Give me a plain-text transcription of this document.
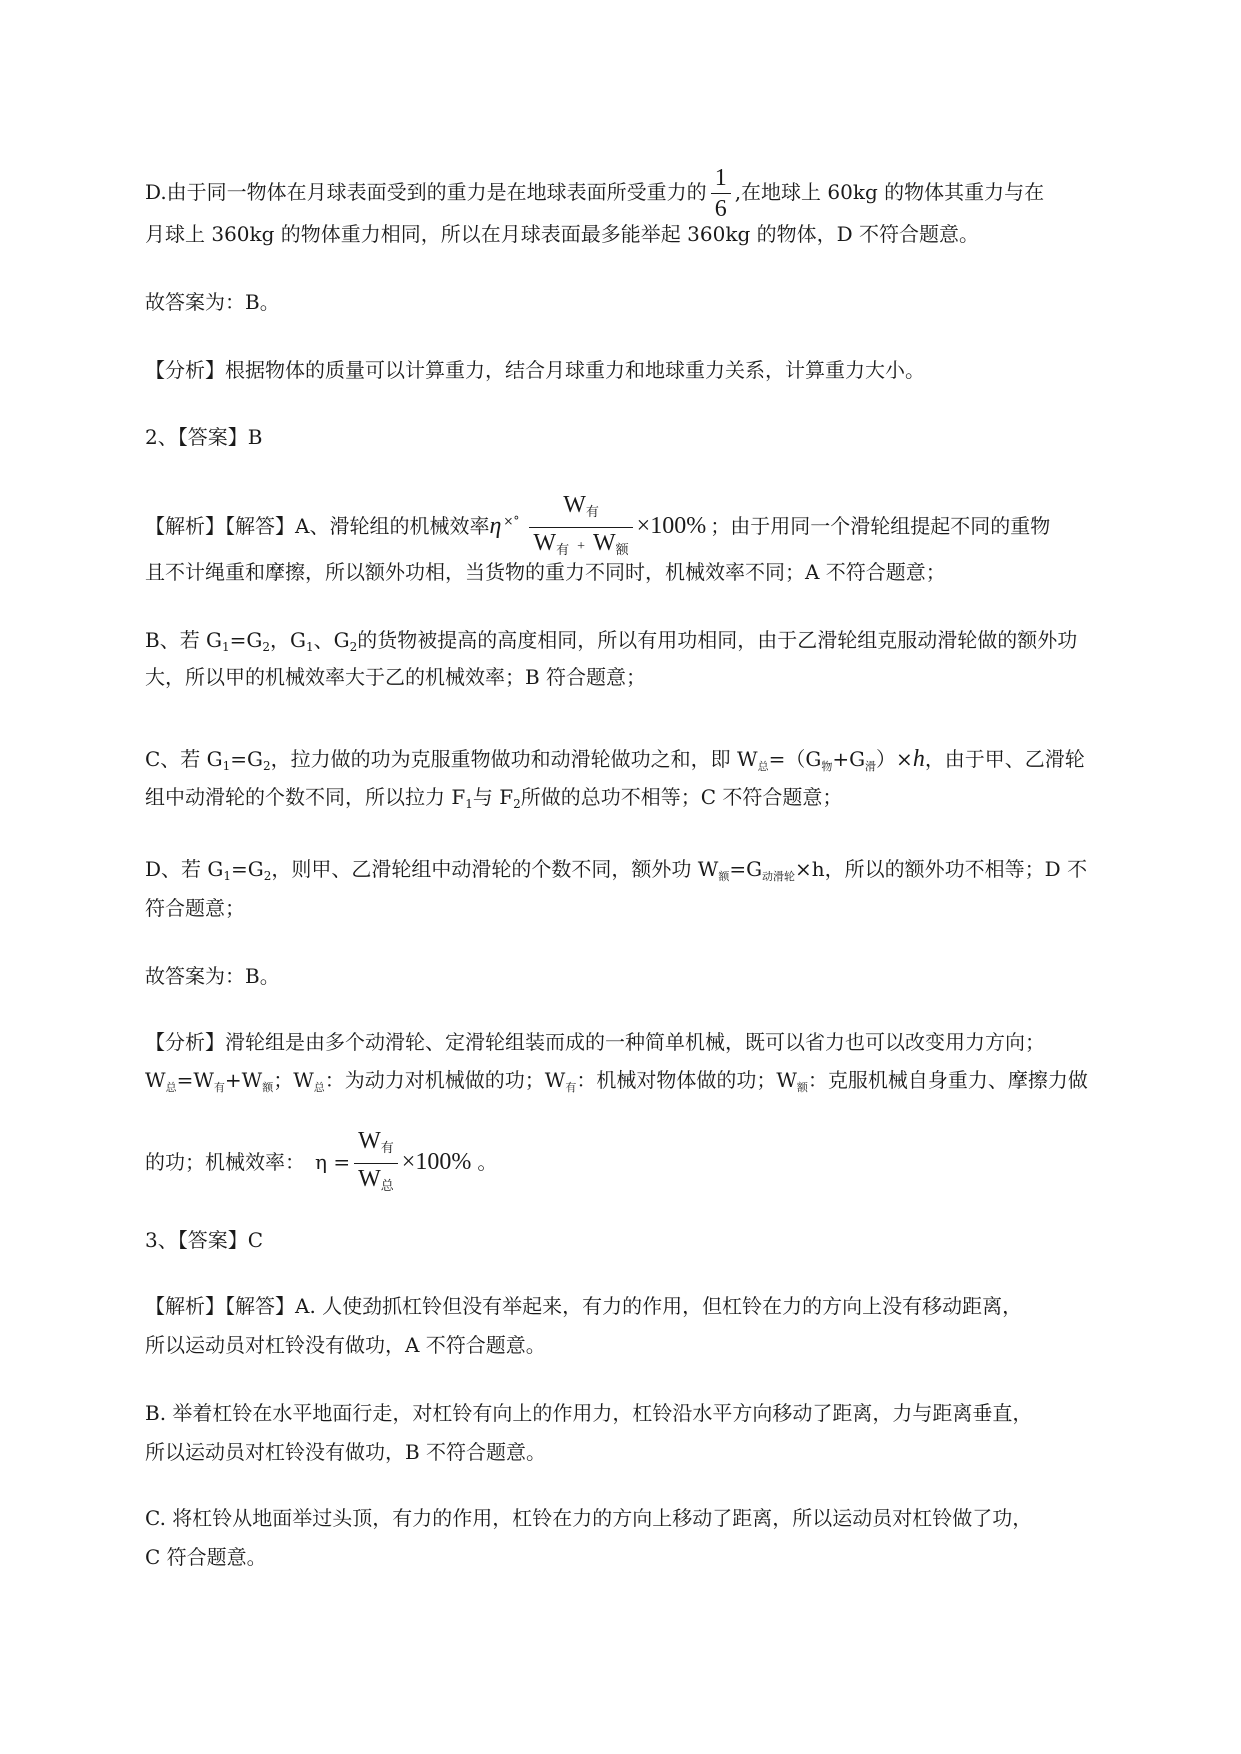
D.由于同一物体在月球表面受到的重力是在地球表面所受重力的 $\frac{1}{6}$ ,在地球上 60kg 的物体其重力与在
月球上 360kg 的物体重力相同，所以在月球表面最多能举起 360kg 的物体，D 不符合题意。
故答案为：B。
【分析】根据物体的质量可以计算重力，结合月球重力和地球重力关系，计算重力大小。
2、【答案】B
【解析】【解答】A、滑轮组的机械效率η $^{\times^\circ} \frac{\text{W有}}{\text{W有 + W额}} \times 100\%$ ；由于用同一个滑轮组提起不同的重物
且不计绳重和摩擦，所以额外功相，当货物的重力不同时，机械效率不同；A 不符合题意；
B、若 $G_1=G_2$，$G_1$、$G_2$的货物被提高的高度相同，所以有用功相同，由于乙滑轮组克服动滑轮做的额外功
大，所以甲的机械效率大于乙的机械效率；B 符合题意；
C、若 $G_1=G_2$，拉力做的功为克服重物做功和动滑轮做功之和，即 $W_总=(G_物+G_滑)\times h$，由于甲、乙滑轮
组中动滑轮的个数不同，所以拉力 $F_1$与 $F_2$所做的总功不相等；C 不符合题意；
D、若 $G_1=G_2$，则甲、乙滑轮组中动滑轮的个数不同，额外功 $W_额=G_{动滑轮}\times h$，所以的额外功不相等；D 不
符合题意；
故答案为：B。
【分析】滑轮组是由多个动滑轮、定滑轮组装而成的一种简单机械，既可以省力也可以改变用力方向；
$W_总=W_有+W_额$；$W_总$：为动力对机械做的功；$W_有$：机械对物体做的功；$W_额$：克服机械自身重力、摩擦力做
的功；机械效率： $\eta = \frac{\text{W有}}{\text{W总}} \times 100\%$ 。
3、【答案】C
【解析】【解答】A. 人使劲抓杠铃但没有举起来，有力的作用，但杠铃在力的方向上没有移动距离，
所以运动员对杠铃没有做功，A 不符合题意。
B. 举着杠铃在水平地面行走，对杠铃有向上的作用力，杠铃沿水平方向移动了距离，力与距离垂直，
所以运动员对杠铃没有做功，B 不符合题意。
C. 将杠铃从地面举过头顶，有力的作用，杠铃在力的方向上移动了距离，所以运动员对杠铃做了功，
C 符合题意。
